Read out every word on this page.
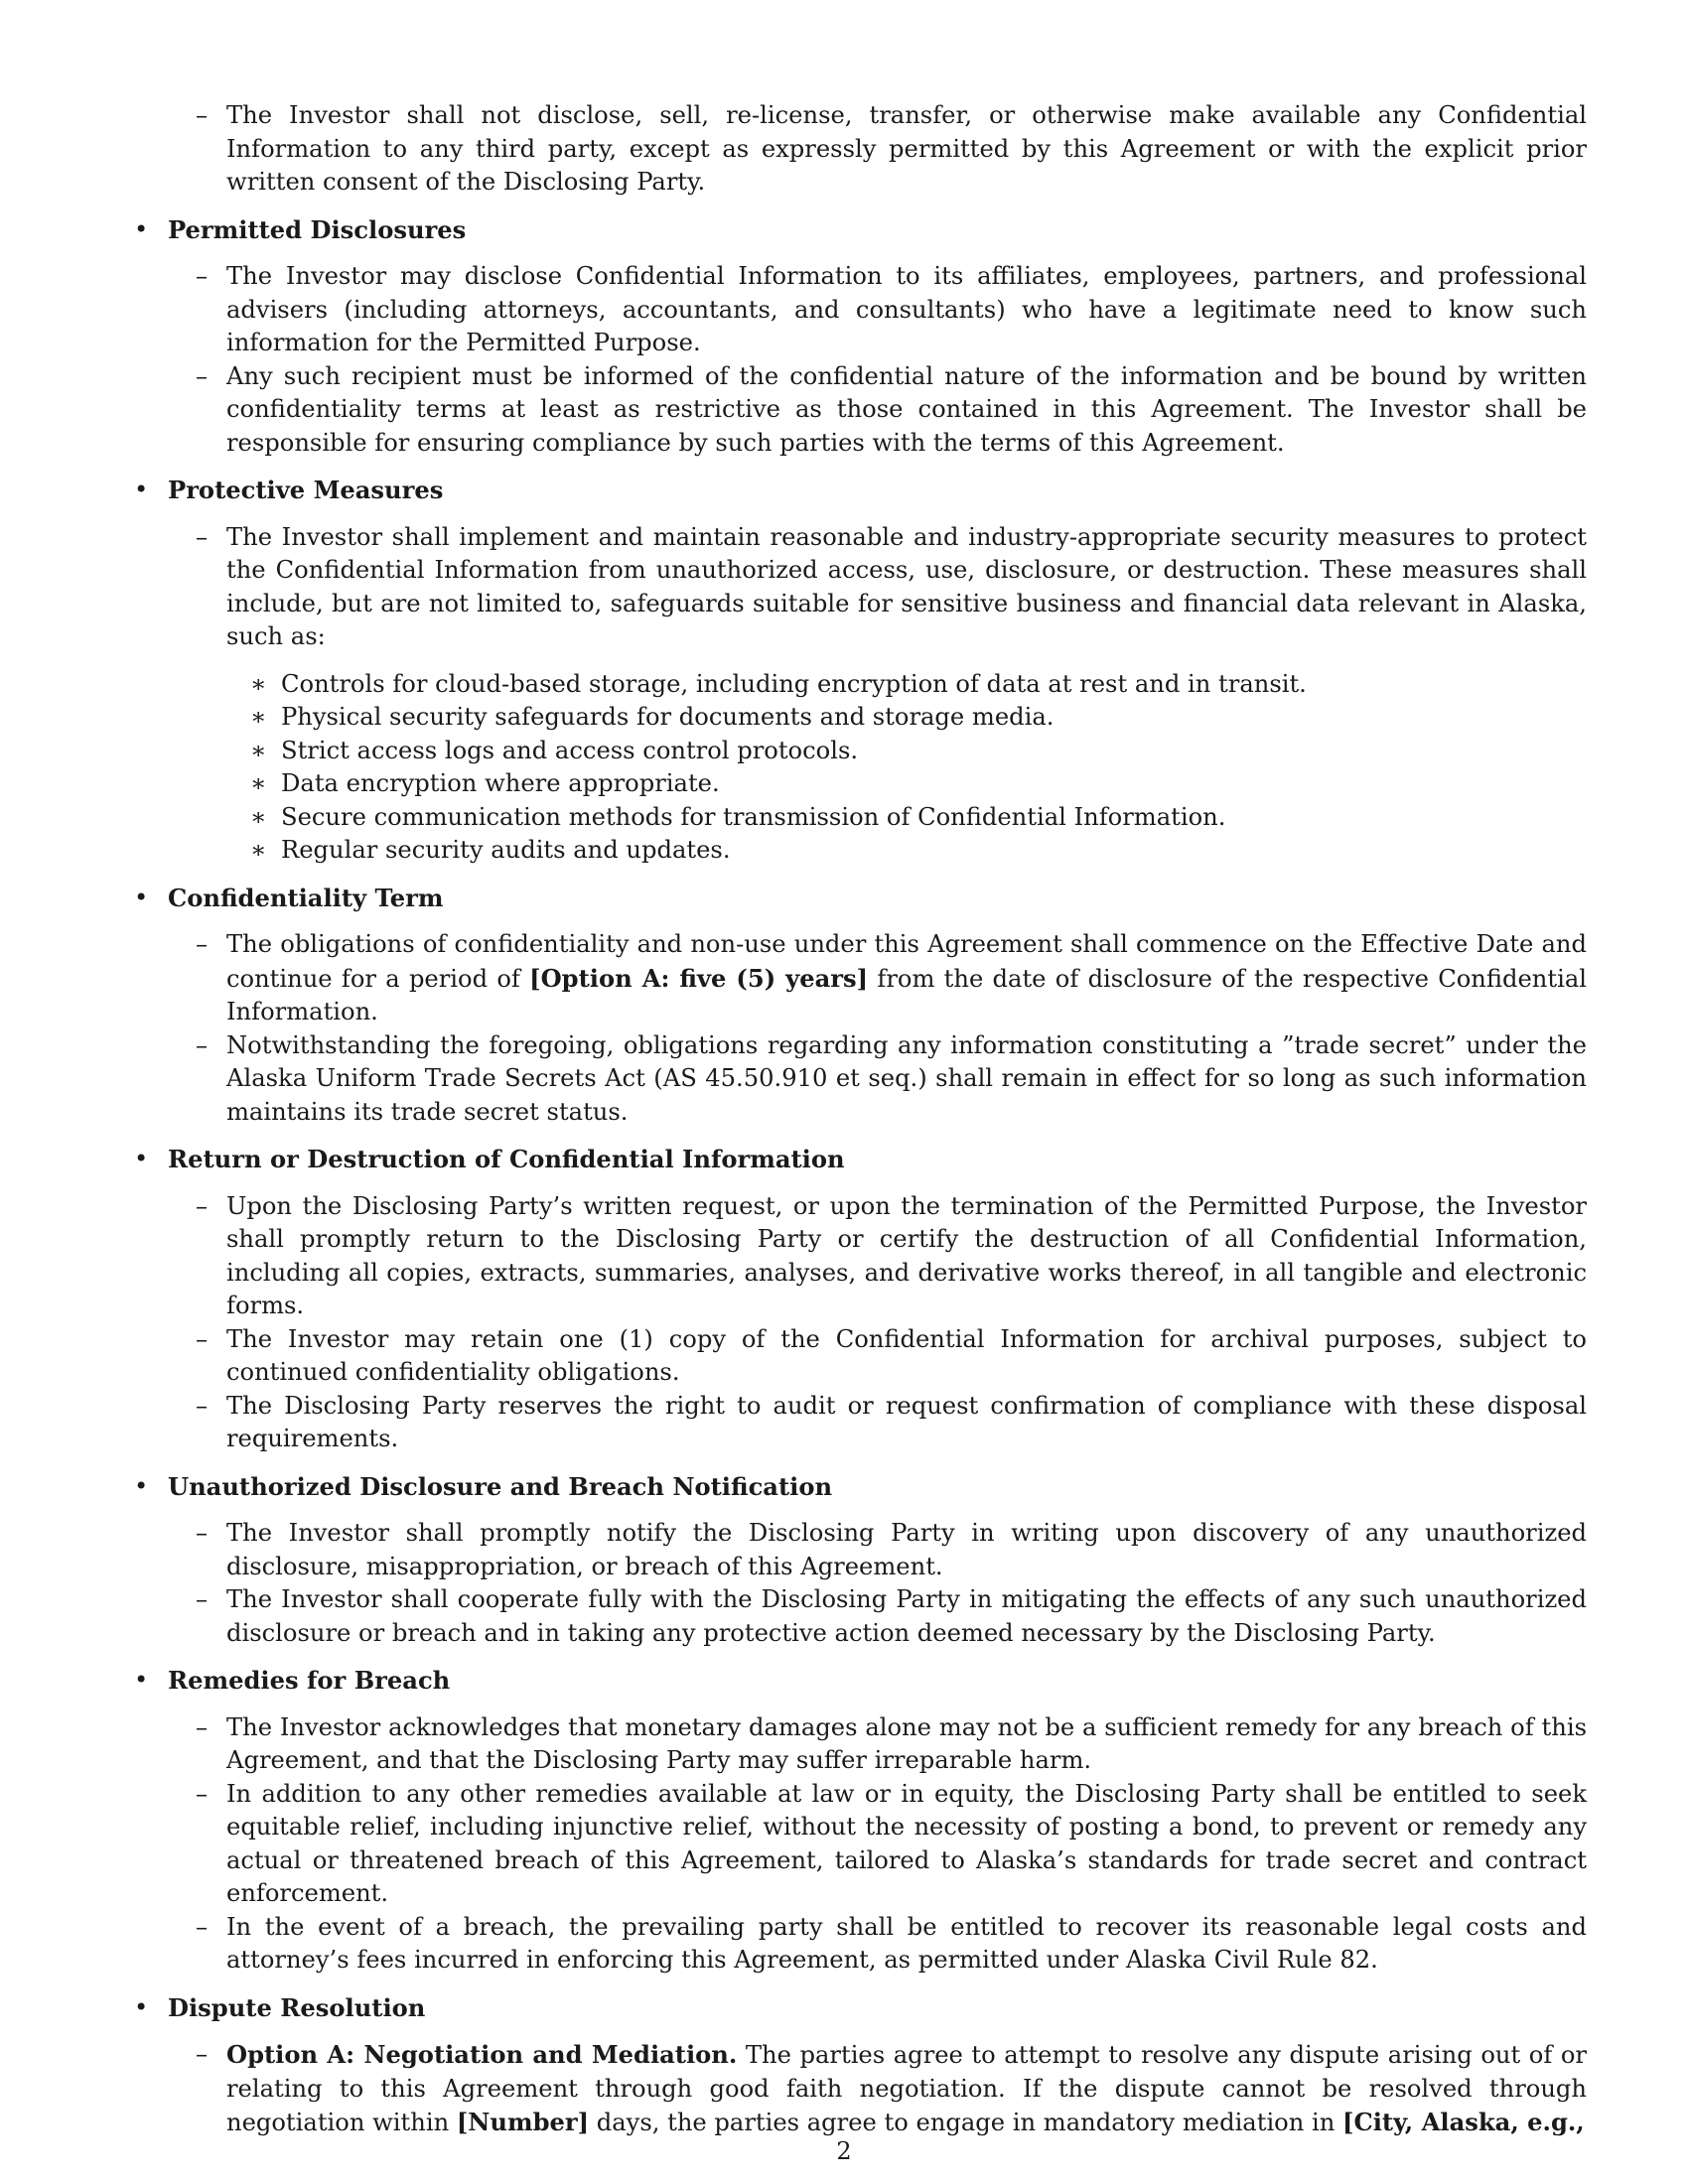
– The Investor shall not disclose, sell, re-license, transfer, or otherwise make available any Confidential Information to any third party, except as expressly permitted by this Agreement or with the explicit prior written consent of the Disclosing Party.

• Permitted Disclosures

– The Investor may disclose Confidential Information to its affiliates, employees, partners, and professional advisers (including attorneys, accountants, and consultants) who have a legitimate need to know such information for the Permitted Purpose.

– Any such recipient must be informed of the confidential nature of the information and be bound by written confidentiality terms at least as restrictive as those contained in this Agreement. The Investor shall be responsible for ensuring compliance by such parties with the terms of this Agreement.

• Protective Measures

– The Investor shall implement and maintain reasonable and industry-appropriate security measures to protect the Confidential Information from unauthorized access, use, disclosure, or destruction. These measures shall include, but are not limited to, safeguards suitable for sensitive business and financial data relevant in Alaska, such as:

∗ Controls for cloud-based storage, including encryption of data at rest and in transit.

∗ Physical security safeguards for documents and storage media.

∗ Strict access logs and access control protocols.

∗ Data encryption where appropriate.

∗ Secure communication methods for transmission of Confidential Information.

∗ Regular security audits and updates.

• Confidentiality Term

– The obligations of confidentiality and non-use under this Agreement shall commence on the Effective Date and continue for a period of [Option A: five (5) years] from the date of disclosure of the respective Confidential Information.

– Notwithstanding the foregoing, obligations regarding any information constituting a ”trade secret” under the Alaska Uniform Trade Secrets Act (AS 45.50.910 et seq.) shall remain in effect for so long as such information maintains its trade secret status.

• Return or Destruction of Confidential Information

– Upon the Disclosing Party’s written request, or upon the termination of the Permitted Purpose, the Investor shall promptly return to the Disclosing Party or certify the destruction of all Confidential Information, including all copies, extracts, summaries, analyses, and derivative works thereof, in all tangible and electronic forms.

– The Investor may retain one (1) copy of the Confidential Information for archival purposes, subject to continued confidentiality obligations.

– The Disclosing Party reserves the right to audit or request confirmation of compliance with these disposal requirements.

• Unauthorized Disclosure and Breach Notification

– The Investor shall promptly notify the Disclosing Party in writing upon discovery of any unauthorized disclosure, misappropriation, or breach of this Agreement.

– The Investor shall cooperate fully with the Disclosing Party in mitigating the effects of any such unauthorized disclosure or breach and in taking any protective action deemed necessary by the Disclosing Party.

• Remedies for Breach

– The Investor acknowledges that monetary damages alone may not be a sufficient remedy for any breach of this Agreement, and that the Disclosing Party may suffer irreparable harm.

– In addition to any other remedies available at law or in equity, the Disclosing Party shall be entitled to seek equitable relief, including injunctive relief, without the necessity of posting a bond, to prevent or remedy any actual or threatened breach of this Agreement, tailored to Alaska’s standards for trade secret and contract enforcement.

– In the event of a breach, the prevailing party shall be entitled to recover its reasonable legal costs and attorney’s fees incurred in enforcing this Agreement, as permitted under Alaska Civil Rule 82.

• Dispute Resolution

– Option A: Negotiation and Mediation. The parties agree to attempt to resolve any dispute arising out of or relating to this Agreement through good faith negotiation. If the dispute cannot be resolved through negotiation within [Number] days, the parties agree to engage in mandatory mediation in [City, Alaska, e.g.,

2
